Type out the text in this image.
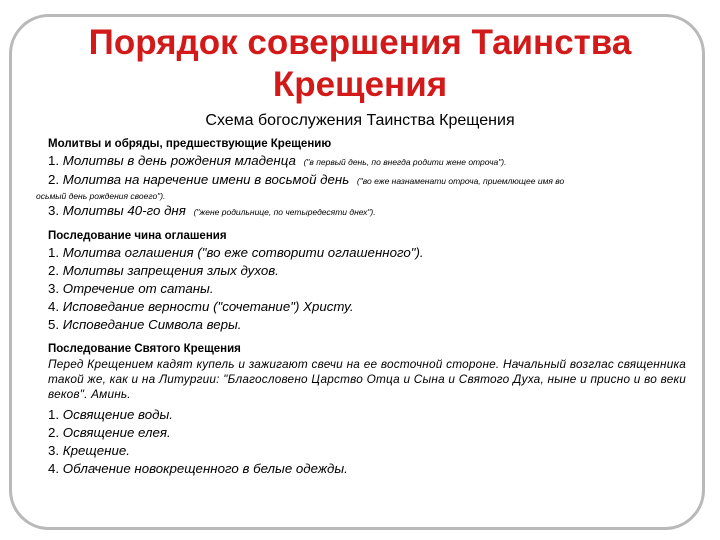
Порядок совершения Таинства Крещения
Схема богослужения Таинства Крещения
Молитвы и обряды, предшествующие Крещению
1. Молитвы в день рождения младенца ("в первый день, по внегда родити жене отроча").
2. Молитва на наречение имени в восьмой день ("во еже назнаменати отроча, приемлющее имя во
осьмый день рождения своего").
3. Молитвы 40-го дня ("жене родильнице, по четыредесяти днех").
Последование чина оглашения
1. Молитва оглашения ("во еже сотворити оглашенного").
2. Молитвы запрещения злых духов.
3. Отречение от сатаны.
4. Исповедание верности ("сочетание") Христу.
5. Исповедание Символа веры.
Последование Святого Крещения
Перед Крещением кадят купель и зажигают свечи на ее восточной стороне. Начальный возглас священника такой же, как и на Литургии: "Благословено Царство Отца и Сына и Святого Духа, ныне и присно и во веки веков". Аминь.
1. Освящение воды.
2. Освящение елея.
3. Крещение.
4. Облачение новокрещенного в белые одежды.
